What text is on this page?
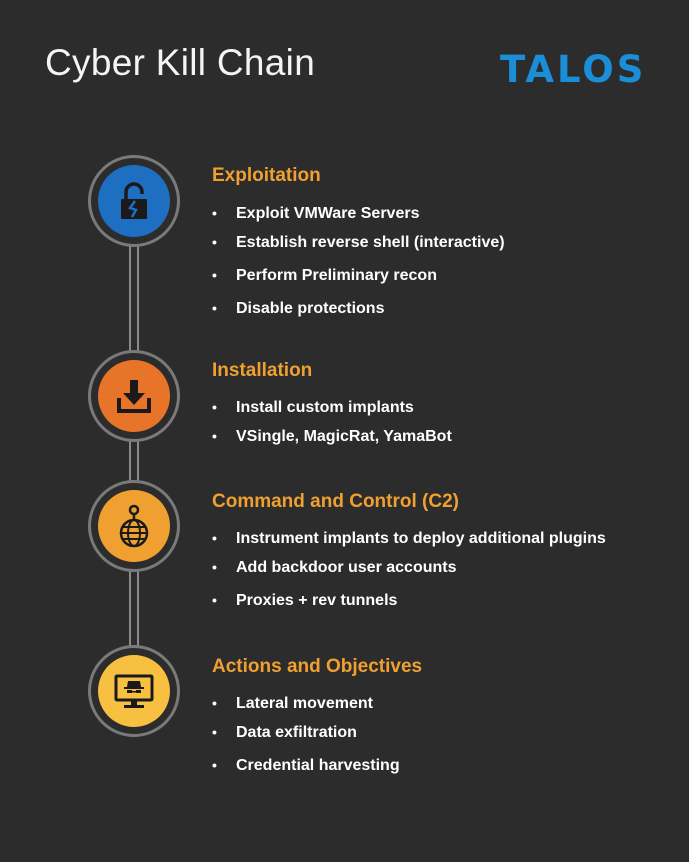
Cyber Kill Chain	TALOS
Exploitation
• Exploit VMWare Servers
• Establish reverse shell (interactive)
• Perform Preliminary recon
• Disable protections
Installation
• Install custom implants
• VSingle, MagicRat, YamaBot
Command and Control (C2)
• Instrument implants to deploy additional plugins
• Add backdoor user accounts
• Proxies + rev tunnels
Actions and Objectives
• Lateral movement
• Data exfiltration
• Credential harvesting
